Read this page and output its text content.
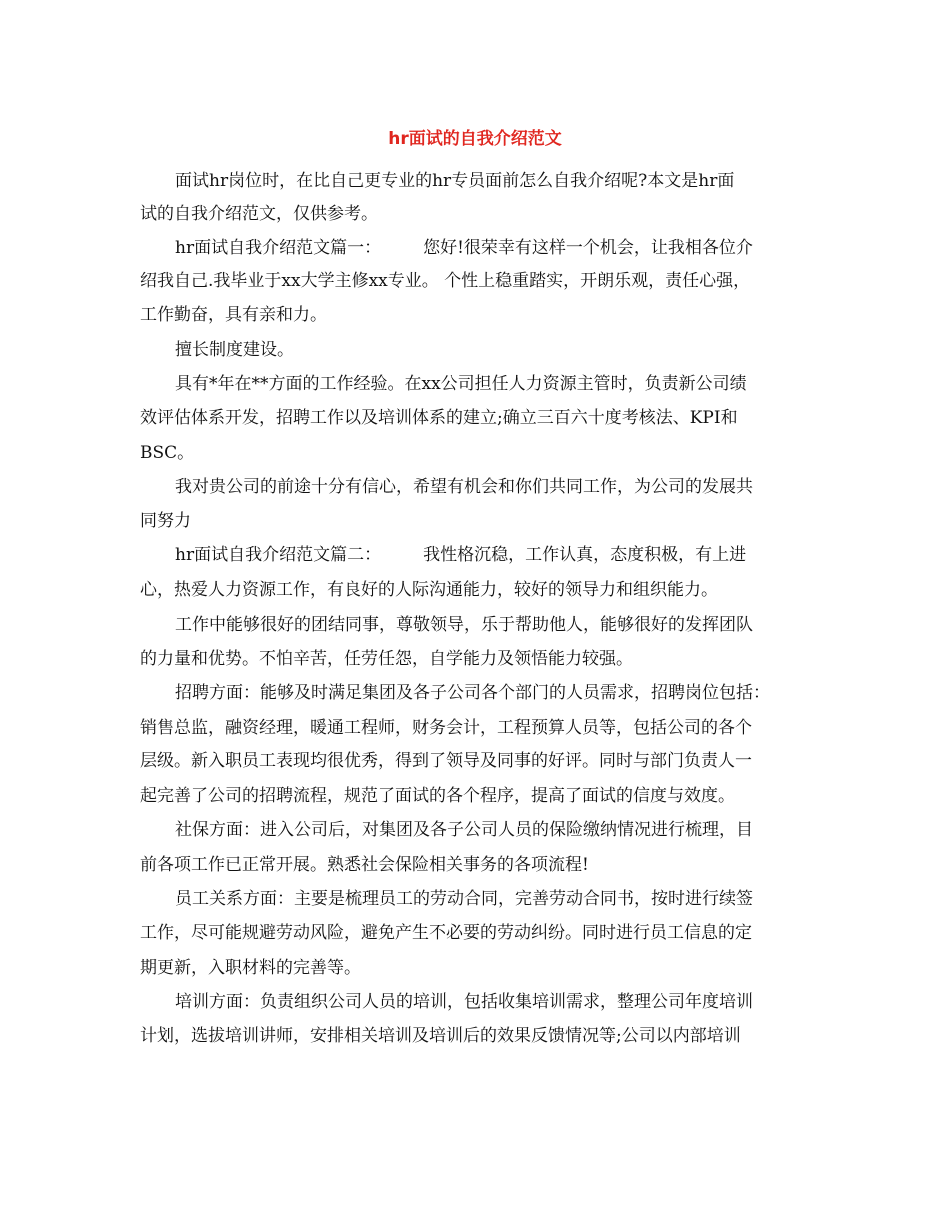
hr面试的自我介绍范文
面试hr岗位时，在比自己更专业的hr专员面前怎么自我介绍呢?本文是hr面
试的自我介绍范文，仅供参考。
hr面试自我介绍范文篇一： 您好!很荣幸有这样一个机会，让我相各位介
绍我自己.我毕业于xx大学主修xx专业。 个性上稳重踏实，开朗乐观，责任心强，
工作勤奋，具有亲和力。
擅长制度建设。
具有*年在**方面的工作经验。在xx公司担任人力资源主管时，负责新公司绩
效评估体系开发，招聘工作以及培训体系的建立;确立三百六十度考核法、KPI和
BSC。
我对贵公司的前途十分有信心，希望有机会和你们共同工作，为公司的发展共
同努力
hr面试自我介绍范文篇二： 我性格沉稳，工作认真，态度积极，有上进
心，热爱人力资源工作，有良好的人际沟通能力，较好的领导力和组织能力。
工作中能够很好的团结同事，尊敬领导，乐于帮助他人，能够很好的发挥团队
的力量和优势。不怕辛苦，任劳任怨，自学能力及领悟能力较强。
招聘方面：能够及时满足集团及各子公司各个部门的人员需求，招聘岗位包括：
销售总监，融资经理，暖通工程师，财务会计，工程预算人员等，包括公司的各个
层级。新入职员工表现均很优秀，得到了领导及同事的好评。同时与部门负责人一
起完善了公司的招聘流程，规范了面试的各个程序，提高了面试的信度与效度。
社保方面：进入公司后，对集团及各子公司人员的保险缴纳情况进行梳理，目
前各项工作已正常开展。熟悉社会保险相关事务的各项流程!
员工关系方面：主要是梳理员工的劳动合同，完善劳动合同书，按时进行续签
工作，尽可能规避劳动风险，避免产生不必要的劳动纠纷。同时进行员工信息的定
期更新，入职材料的完善等。
培训方面：负责组织公司人员的培训，包括收集培训需求，整理公司年度培训
计划，选拔培训讲师，安排相关培训及培训后的效果反馈情况等;公司以内部培训
